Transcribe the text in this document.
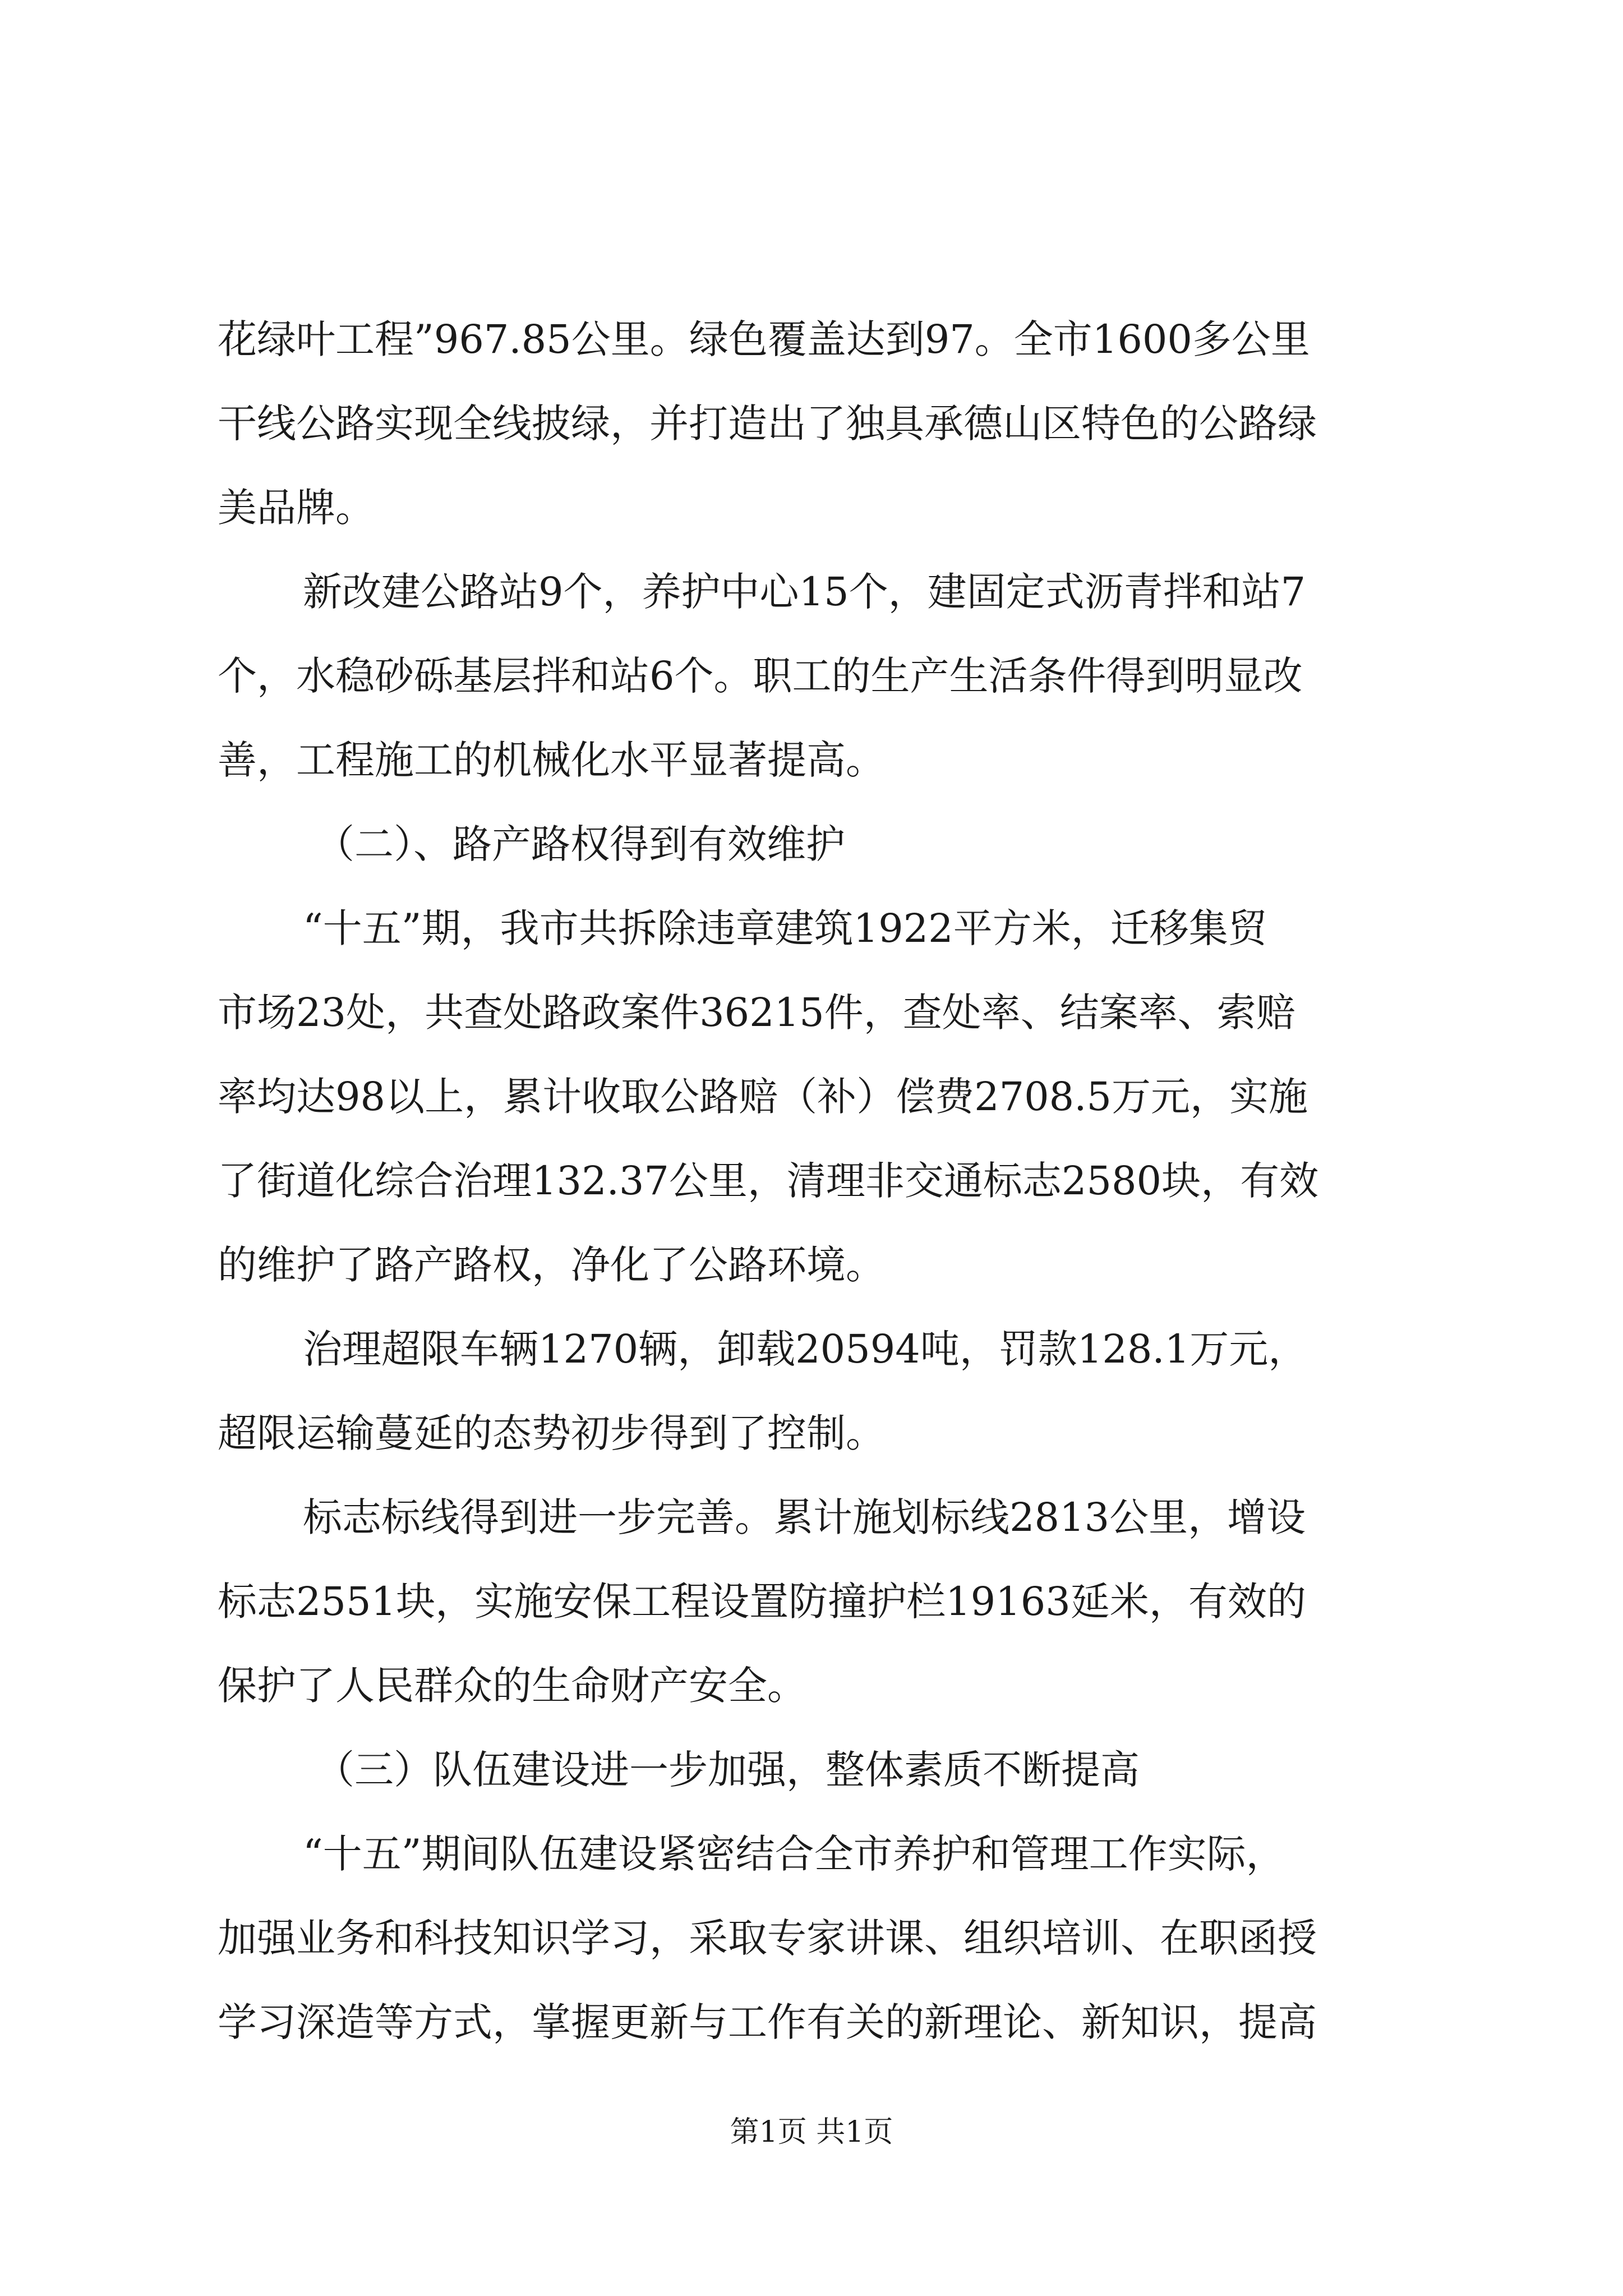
花绿叶工程”967.85公里。绿色覆盖达到97。全市1600多公里
干线公路实现全线披绿，并打造出了独具承德山区特色的公路绿
美品牌。
新改建公路站9个，养护中心15个，建固定式沥青拌和站7
个，水稳砂砾基层拌和站6个。职工的生产生活条件得到明显改
善，工程施工的机械化水平显著提高。
（二）、路产路权得到有效维护
“十五”期，我市共拆除违章建筑1922平方米，迁移集贸
市场23处，共查处路政案件36215件，查处率、结案率、索赔
率均达98以上，累计收取公路赔（补）偿费2708.5万元，实施
了街道化综合治理132.37公里，清理非交通标志2580块，有效
的维护了路产路权，净化了公路环境。
治理超限车辆1270辆，卸载20594吨，罚款128.1万元，
超限运输蔓延的态势初步得到了控制。
标志标线得到进一步完善。累计施划标线2813公里，增设
标志2551块，实施安保工程设置防撞护栏19163延米，有效的
保护了人民群众的生命财产安全。
（三）队伍建设进一步加强，整体素质不断提高
“十五”期间队伍建设紧密结合全市养护和管理工作实际，
加强业务和科技知识学习，采取专家讲课、组织培训、在职函授
学习深造等方式，掌握更新与工作有关的新理论、新知识，提高
第1页 共1页
